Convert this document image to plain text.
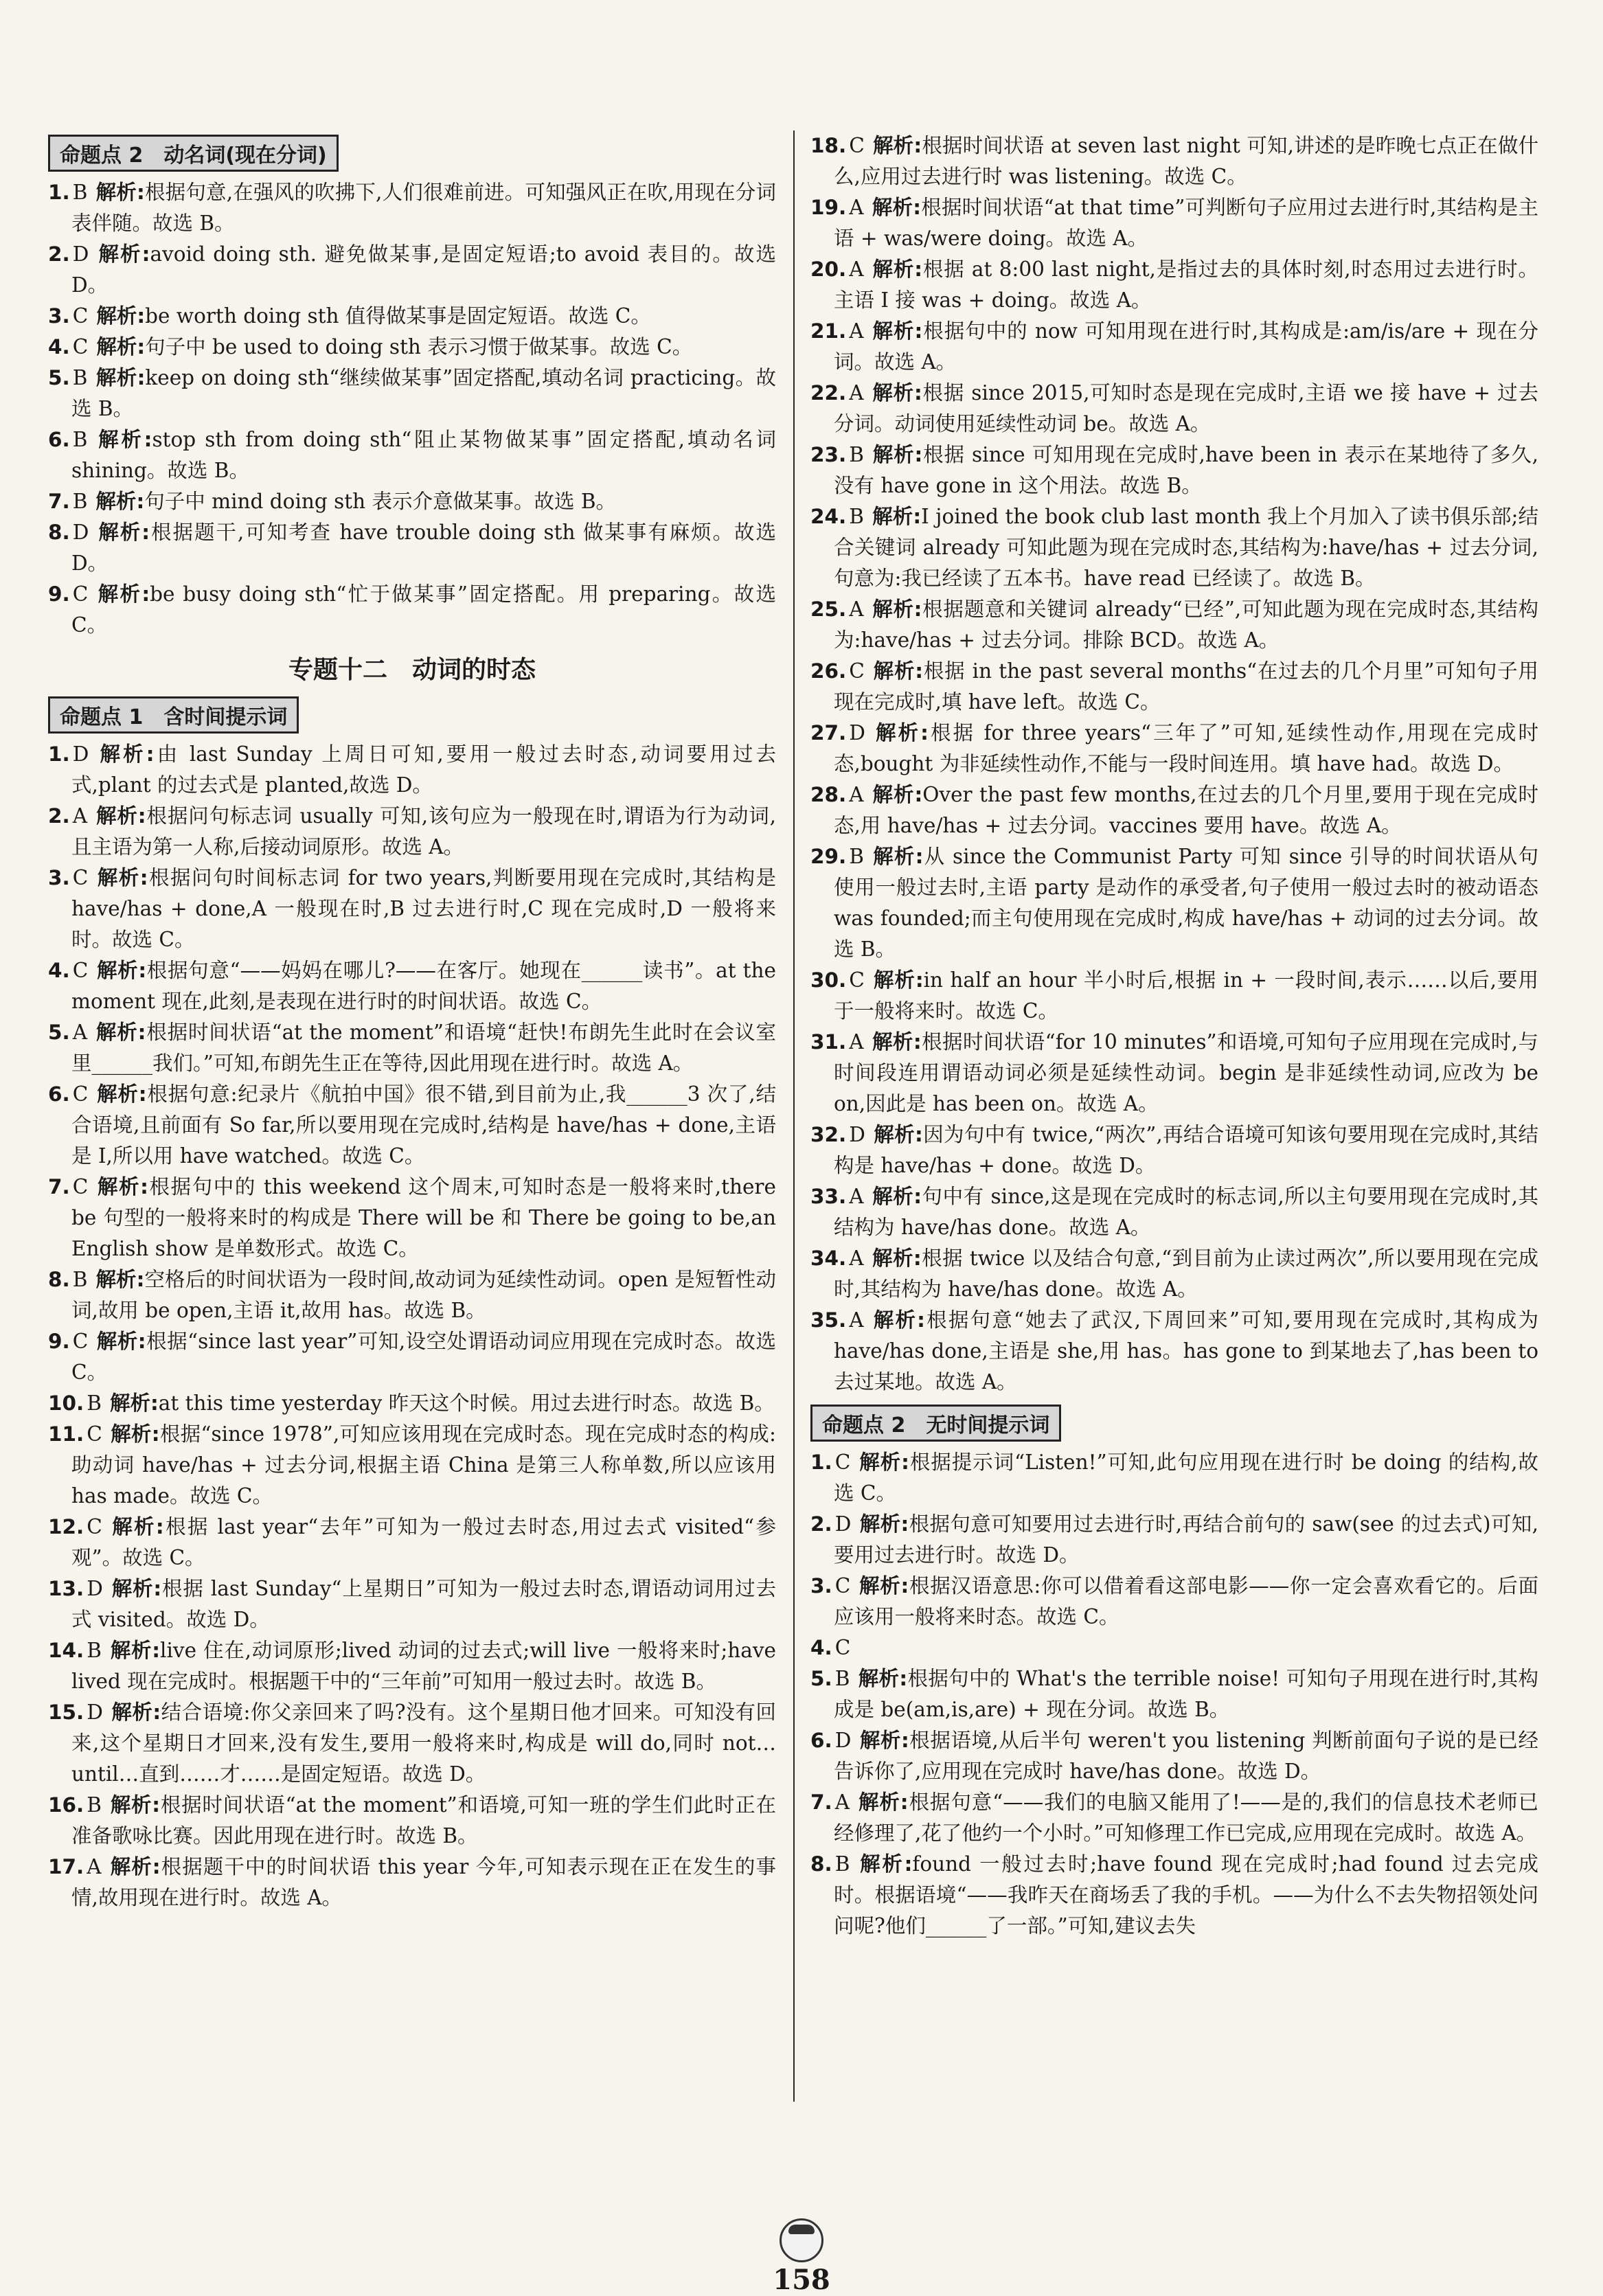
命题点 2　动名词(现在分词)
1. B 解析:根据句意,在强风的吹拂下,人们很难前进。可知强风正在吹,用现在分词表伴随。故选 B。
2. D 解析:avoid doing sth. 避免做某事,是固定短语;to avoid 表目的。故选 D。
3. C 解析:be worth doing sth 值得做某事是固定短语。故选 C。
4. C 解析:句子中 be used to doing sth 表示习惯于做某事。故选 C。
5. B 解析:keep on doing sth“继续做某事”固定搭配,填动名词 practicing。故选 B。
6. B 解析:stop sth from doing sth“阻止某物做某事”固定搭配,填动名词 shining。故选 B。
7. B 解析:句子中 mind doing sth 表示介意做某事。故选 B。
8. D 解析:根据题干,可知考查 have trouble doing sth 做某事有麻烦。故选 D。
9. C 解析:be busy doing sth“忙于做某事”固定搭配。用 preparing。故选 C。
专题十二　动词的时态
命题点 1　含时间提示词
1. D 解析:由 last Sunday 上周日可知,要用一般过去时态,动词要用过去式,plant 的过去式是 planted,故选 D。
2. A 解析:根据问句标志词 usually 可知,该句应为一般现在时,谓语为行为动词,且主语为第一人称,后接动词原形。故选 A。
3. C 解析:根据问句时间标志词 for two years,判断要用现在完成时,其结构是 have/has + done,A 一般现在时,B 过去进行时,C 现在完成时,D 一般将来时。故选 C。
4. C 解析:根据句意“——妈妈在哪儿?——在客厅。她现在______读书”。at the moment 现在,此刻,是表现在进行时的时间状语。故选 C。
5. A 解析:根据时间状语“at the moment”和语境“赶快!布朗先生此时在会议室里______我们。”可知,布朗先生正在等待,因此用现在进行时。故选 A。
6. C 解析:根据句意:纪录片《航拍中国》很不错,到目前为止,我______3 次了,结合语境,且前面有 So far,所以要用现在完成时,结构是 have/has + done,主语是 I,所以用 have watched。故选 C。
7. C 解析:根据句中的 this weekend 这个周末,可知时态是一般将来时,there be 句型的一般将来时的构成是 There will be 和 There be going to be,an English show 是单数形式。故选 C。
8. B 解析:空格后的时间状语为一段时间,故动词为延续性动词。open 是短暂性动词,故用 be open,主语 it,故用 has。故选 B。
9. C 解析:根据“since last year”可知,设空处谓语动词应用现在完成时态。故选 C。
10. B 解析:at this time yesterday 昨天这个时候。用过去进行时态。故选 B。
11. C 解析:根据“since 1978”,可知应该用现在完成时态。现在完成时态的构成:助动词 have/has + 过去分词,根据主语 China 是第三人称单数,所以应该用 has made。故选 C。
12. C 解析:根据 last year“去年”可知为一般过去时态,用过去式 visited“参观”。故选 C。
13. D 解析:根据 last Sunday“上星期日”可知为一般过去时态,谓语动词用过去式 visited。故选 D。
14. B 解析:live 住在,动词原形;lived 动词的过去式;will live 一般将来时;have lived 现在完成时。根据题干中的“三年前”可知用一般过去时。故选 B。
15. D 解析:结合语境:你父亲回来了吗?没有。这个星期日他才回来。可知没有回来,这个星期日才回来,没有发生,要用一般将来时,构成是 will do,同时 not…until…直到……才……是固定短语。故选 D。
16. B 解析:根据时间状语“at the moment”和语境,可知一班的学生们此时正在准备歌咏比赛。因此用现在进行时。故选 B。
17. A 解析:根据题干中的时间状语 this year 今年,可知表示现在正在发生的事情,故用现在进行时。故选 A。
18. C 解析:根据时间状语 at seven last night 可知,讲述的是昨晚七点正在做什么,应用过去进行时 was listening。故选 C。
19. A 解析:根据时间状语“at that time”可判断句子应用过去进行时,其结构是主语 + was/were doing。故选 A。
20. A 解析:根据 at 8:00 last night,是指过去的具体时刻,时态用过去进行时。主语 I 接 was + doing。故选 A。
21. A 解析:根据句中的 now 可知用现在进行时,其构成是:am/is/are + 现在分词。故选 A。
22. A 解析:根据 since 2015,可知时态是现在完成时,主语 we 接 have + 过去分词。动词使用延续性动词 be。故选 A。
23. B 解析:根据 since 可知用现在完成时,have been in 表示在某地待了多久,没有 have gone in 这个用法。故选 B。
24. B 解析:I joined the book club last month 我上个月加入了读书俱乐部;结合关键词 already 可知此题为现在完成时态,其结构为:have/has + 过去分词,句意为:我已经读了五本书。have read 已经读了。故选 B。
25. A 解析:根据题意和关键词 already“已经”,可知此题为现在完成时态,其结构为:have/has + 过去分词。排除 BCD。故选 A。
26. C 解析:根据 in the past several months“在过去的几个月里”可知句子用现在完成时,填 have left。故选 C。
27. D 解析:根据 for three years“三年了”可知,延续性动作,用现在完成时态,bought 为非延续性动作,不能与一段时间连用。填 have had。故选 D。
28. A 解析:Over the past few months,在过去的几个月里,要用于现在完成时态,用 have/has + 过去分词。vaccines 要用 have。故选 A。
29. B 解析:从 since the Communist Party 可知 since 引导的时间状语从句使用一般过去时,主语 party 是动作的承受者,句子使用一般过去时的被动语态 was founded;而主句使用现在完成时,构成 have/has + 动词的过去分词。故选 B。
30. C 解析:in half an hour 半小时后,根据 in + 一段时间,表示……以后,要用于一般将来时。故选 C。
31. A 解析:根据时间状语“for 10 minutes”和语境,可知句子应用现在完成时,与时间段连用谓语动词必须是延续性动词。begin 是非延续性动词,应改为 be on,因此是 has been on。故选 A。
32. D 解析:因为句中有 twice,“两次”,再结合语境可知该句要用现在完成时,其结构是 have/has + done。故选 D。
33. A 解析:句中有 since,这是现在完成时的标志词,所以主句要用现在完成时,其结构为 have/has done。故选 A。
34. A 解析:根据 twice 以及结合句意,“到目前为止读过两次”,所以要用现在完成时,其结构为 have/has done。故选 A。
35. A 解析:根据句意“她去了武汉,下周回来”可知,要用现在完成时,其构成为 have/has done,主语是 she,用 has。has gone to 到某地去了,has been to 去过某地。故选 A。
命题点 2　无时间提示词
1. C 解析:根据提示词“Listen!”可知,此句应用现在进行时 be doing 的结构,故选 C。
2. D 解析:根据句意可知要用过去进行时,再结合前句的 saw(see 的过去式)可知,要用过去进行时。故选 D。
3. C 解析:根据汉语意思:你可以借着看这部电影——你一定会喜欢看它的。后面应该用一般将来时态。故选 C。
4. C
5. B 解析:根据句中的 What's the terrible noise! 可知句子用现在进行时,其构成是 be(am,is,are) + 现在分词。故选 B。
6. D 解析:根据语境,从后半句 weren't you listening 判断前面句子说的是已经告诉你了,应用现在完成时 have/has done。故选 D。
7. A 解析:根据句意“——我们的电脑又能用了!——是的,我们的信息技术老师已经修理了,花了他约一个小时。”可知修理工作已完成,应用现在完成时。故选 A。
8. B 解析:found 一般过去时;have found 现在完成时;had found 过去完成时。根据语境“——我昨天在商场丢了我的手机。——为什么不去失物招领处问问呢?他们______了一部。”可知,建议去失
158
